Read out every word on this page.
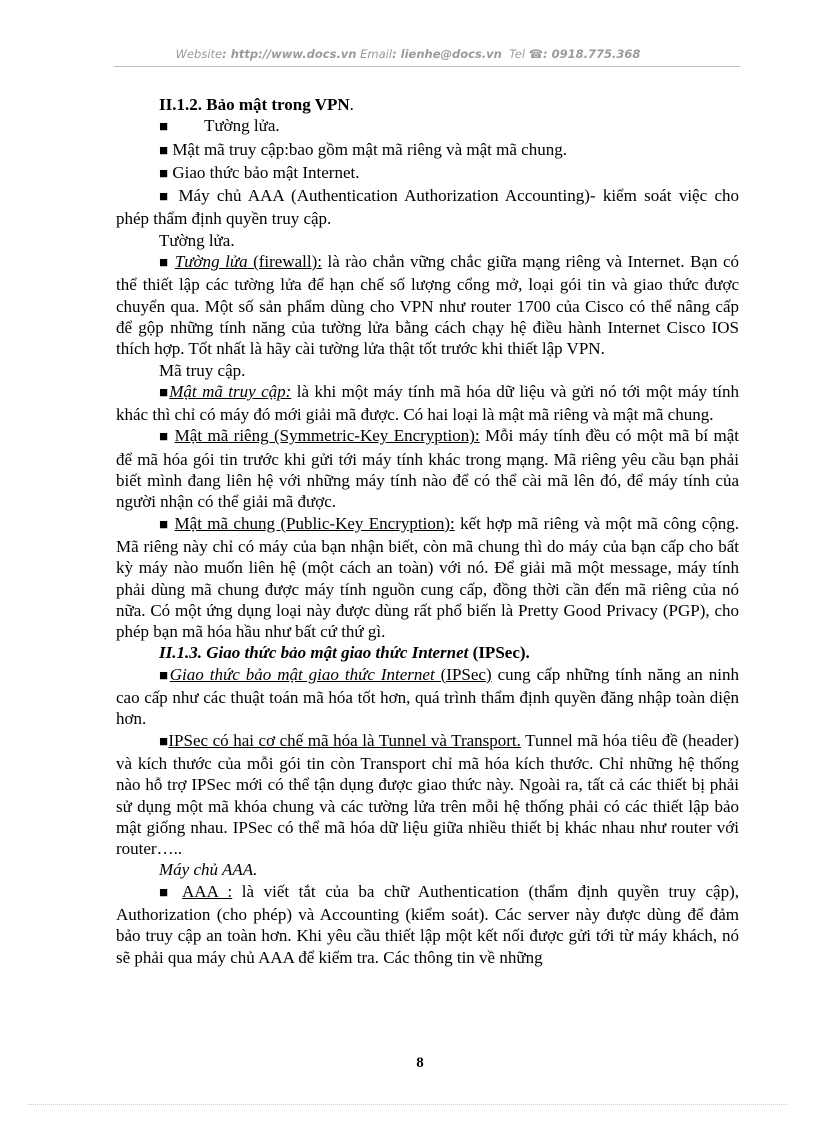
Website: http://www.docs.vn Email: lienhe@docs.vn  Tel ☎: 0918.775.368

II.1.2. Bảo mật trong VPN.

■ Tường lửa.

■ Mật mã truy cập:bao gồm mật mã riêng và mật mã chung.

■ Giao thức bảo mật Internet.

■ Máy chủ AAA (Authentication Authorization Accounting)- kiểm soát việc cho phép thẩm định quyền truy cập.

Tường lửa.

■ Tường lửa (firewall): là rào chắn vững chắc giữa mạng riêng và Internet. Bạn có thể thiết lập các tường lửa để hạn chế số lượng cổng mở, loại gói tin và giao thức được chuyển qua. Một số sản phẩm dùng cho VPN như router 1700 của Cisco có thể nâng cấp để gộp những tính năng của tường lửa bằng cách chạy hệ điều hành Internet Cisco IOS thích hợp. Tốt nhất là hãy cài tường lửa thật tốt trước khi thiết lập VPN.

Mã truy cập.

■Mật mã truy cập: là khi một máy tính mã hóa dữ liệu và gửi nó tới một máy tính khác thì chỉ có máy đó mới giải mã được. Có hai loại là mật mã riêng và mật mã chung.

■ Mật mã riêng (Symmetric-Key Encryption): Mỗi máy tính đều có một mã bí mật để mã hóa gói tin trước khi gửi tới máy tính khác trong mạng. Mã riêng yêu cầu bạn phải biết mình đang liên hệ với những máy tính nào để có thể cài mã lên đó, để máy tính của người nhận có thể giải mã được.

■ Mật mã chung (Public-Key Encryption): kết hợp mã riêng và một mã công cộng. Mã riêng này chỉ có máy của bạn nhận biết, còn mã chung thì do máy của bạn cấp cho bất kỳ máy nào muốn liên hệ (một cách an toàn) với nó. Để giải mã một message, máy tính phải dùng mã chung được máy tính nguồn cung cấp, đồng thời cần đến mã riêng của nó nữa. Có một ứng dụng loại này được dùng rất phổ biến là Pretty Good Privacy (PGP), cho phép bạn mã hóa hầu như bất cứ thứ gì.

II.1.3. Giao thức bảo mật giao thức Internet (IPSec).

■Giao thức bảo mật giao thức Internet (IPSec) cung cấp những tính năng an ninh cao cấp như các thuật toán mã hóa tốt hơn, quá trình thẩm định quyền đăng nhập toàn diện hơn.

■IPSec có hai cơ chế mã hóa là Tunnel và Transport. Tunnel mã hóa tiêu đề (header) và kích thước của mỗi gói tin còn Transport chỉ mã hóa kích thước. Chỉ những hệ thống nào hỗ trợ IPSec mới có thể tận dụng được giao thức này. Ngoài ra, tất cả các thiết bị phải sử dụng một mã khóa chung và các tường lửa trên mỗi hệ thống phải có các thiết lập bảo mật giống nhau. IPSec có thể mã hóa dữ liệu giữa nhiều thiết bị khác nhau như router với router…..

Máy chủ AAA.

■ AAA : là viết tắt của ba chữ Authentication (thẩm định quyền truy cập), Authorization (cho phép) và Accounting (kiểm soát). Các server này được dùng để đảm bảo truy cập an toàn hơn. Khi yêu cầu thiết lập một kết nối được gửi tới từ máy khách, nó sẽ phải qua máy chủ AAA để kiểm tra. Các thông tin về những

8
